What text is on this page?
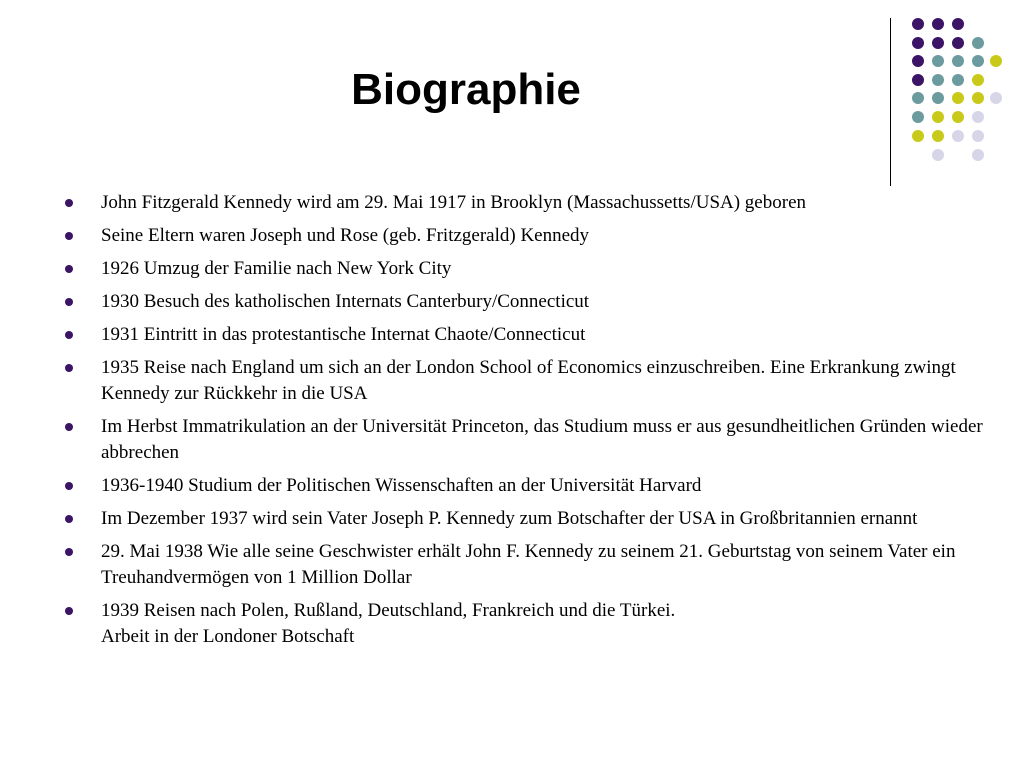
Biographie
John Fitzgerald Kennedy wird am 29. Mai 1917 in Brooklyn (Massachussetts/USA) geboren
Seine Eltern waren Joseph und Rose (geb. Fritzgerald) Kennedy
1926 Umzug der Familie nach New York City
1930 Besuch des katholischen Internats Canterbury/Connecticut
1931 Eintritt in das protestantische Internat Chaote/Connecticut
1935 Reise nach England um sich an der London School of Economics einzuschreiben. Eine Erkrankung zwingt Kennedy zur Rückkehr in die USA
Im Herbst Immatrikulation an der Universität Princeton, das Studium muss er aus gesundheitlichen Gründen wieder abbrechen
1936-1940 Studium der Politischen Wissenschaften an der Universität Harvard
Im Dezember 1937 wird sein Vater Joseph P. Kennedy zum Botschafter der USA in Großbritannien ernannt
29. Mai 1938 Wie alle seine Geschwister erhält John F. Kennedy zu seinem 21. Geburtstag von seinem Vater ein Treuhandvermögen von 1 Million Dollar
1939 Reisen nach Polen, Rußland, Deutschland, Frankreich und die Türkei.
Arbeit in der Londoner Botschaft
